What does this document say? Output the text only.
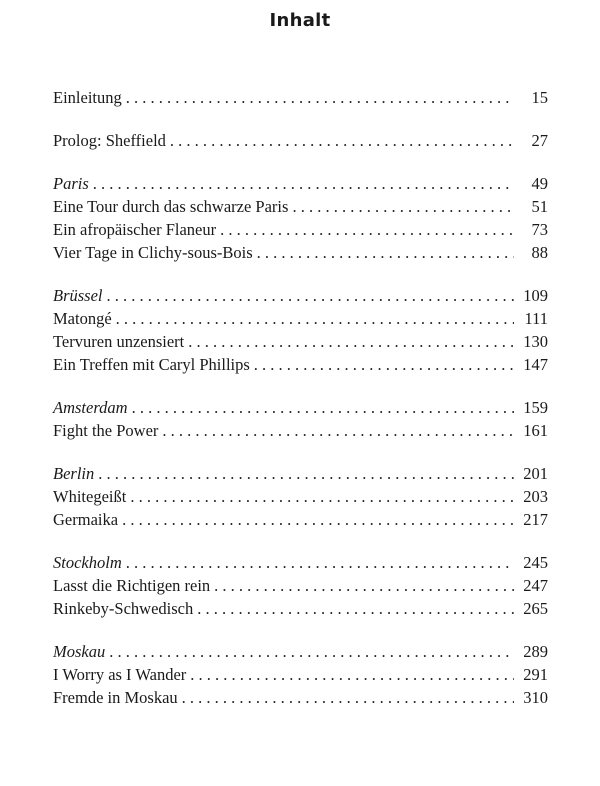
Inhalt
Einleitung . . .	15
Prolog: Sheffield . . .	27
Paris . . .	49
Eine Tour durch das schwarze Paris . . .	51
Ein afropäischer Flaneur . . .	73
Vier Tage in Clichy-sous-Bois . . .	88
Brüssel . . .	109
Matongé . . .	111
Tervuren unzensiert . . .	130
Ein Treffen mit Caryl Phillips . . .	147
Amsterdam . . .	159
Fight the Power . . .	161
Berlin . . .	201
Whitegeißt . . .	203
Germaika . . .	217
Stockholm . . .	245
Lasst die Richtigen rein . . .	247
Rinkeby-Schwedisch . . .	265
Moskau . . .	289
I Worry as I Wander . . .	291
Fremde in Moskau . . .	310
